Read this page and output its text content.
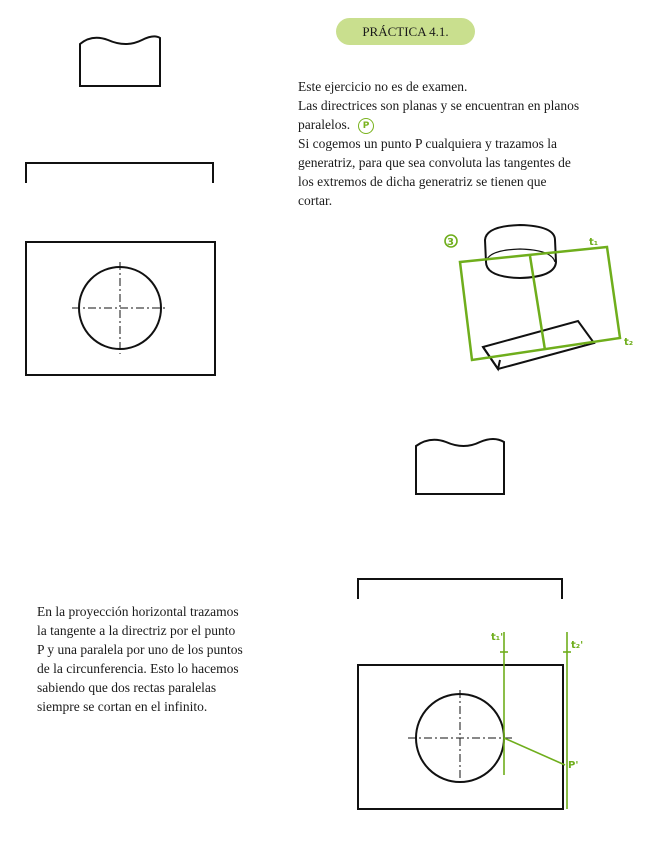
PRÁCTICA 4.1.
Este ejercicio no es de examen.
Las directrices son planas y se encuentran en planos
paralelos. P
Si cogemos un punto P cualquiera y trazamos la
generatriz, para que sea convoluta las tangentes de
los extremos de dicha generatriz se tienen que
cortar.
En la proyección horizontal trazamos
la tangente a la directriz por el punto
P y una paralela por uno de los puntos
de la circunferencia. Esto lo hacemos
sabiendo que dos rectas paralelas
siempre se cortan en el infinito.
3	t₁
t₂
t₁'
t₂'
P'
